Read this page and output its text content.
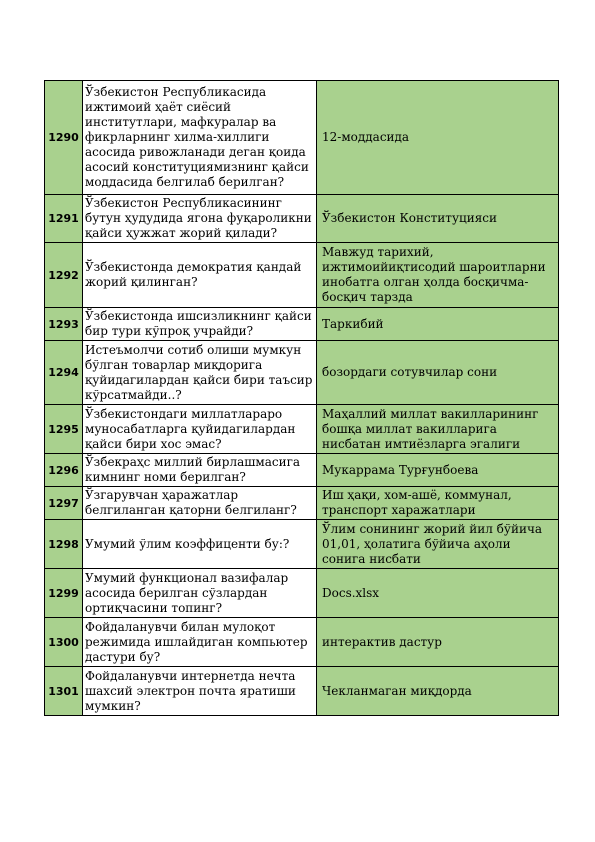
1290	Ўзбекистон Республикасида ижтимоий ҳаёт сиёсий институтлари, мафкуралар ва фикрларнинг хилма-хиллиги асосида ривожланади деган қоида асосий конституциямизнинг қайси моддасида белгилаб берилган?	12-моддасида
1291	Ўзбекистон Республикасининг бутун ҳудудида ягона фуқароликни қайси ҳужжат жорий қилади?	Ўзбекистон Конституцияси
1292	Ўзбекистонда демократия қандай жорий қилинган?	Мавжуд тарихий, ижтимоийиқтисодий шароитларни инобатга олган ҳолда босқичма-босқич тарзда
1293	Ўзбекистонда ишсизликнинг қайси бир тури кўпроқ учрайди?	Таркибий
1294	Истеъмолчи сотиб олиши мумкун бўлган товарлар миқдорига қуйидагилардан қайси бири таъсир кўрсатмайди..?	бозордаги сотувчилар сони
1295	Ўзбекистондаги миллатлараро муносабатларга қуйидагилардан қайси бири хос эмас?	Маҳаллий миллат вакилларининг бошқа миллат вакилларига нисбатан имтиёзларга эгалиги
1296	Ўзбекраҳс миллий бирлашмасига кимнинг номи берилган?	Мукаррама Турғунбоева
1297	Ўзгарувчан ҳаражатлар белгиланган қаторни белгиланг?	Иш ҳақи, хом-ашё, коммунал, транспорт харажатлари
1298	Умумий ўлим коэффиценти бу:?	Ўлим сонининг жорий йил бўйича 01,01, ҳолатига бўйича аҳоли сонига нисбати
1299	Умумий функционал вазифалар асосида берилган сўзлардан ортиқчасини топинг?	Docs.xlsx
1300	Фойдаланувчи билан мулоқот режимида ишлайдиган компьютер дастури бу?	интерактив дастур
1301	Фойдаланувчи интернетда нечта шахсий электрон почта яратиши мумкин?	Чекланмаган миқдорда
